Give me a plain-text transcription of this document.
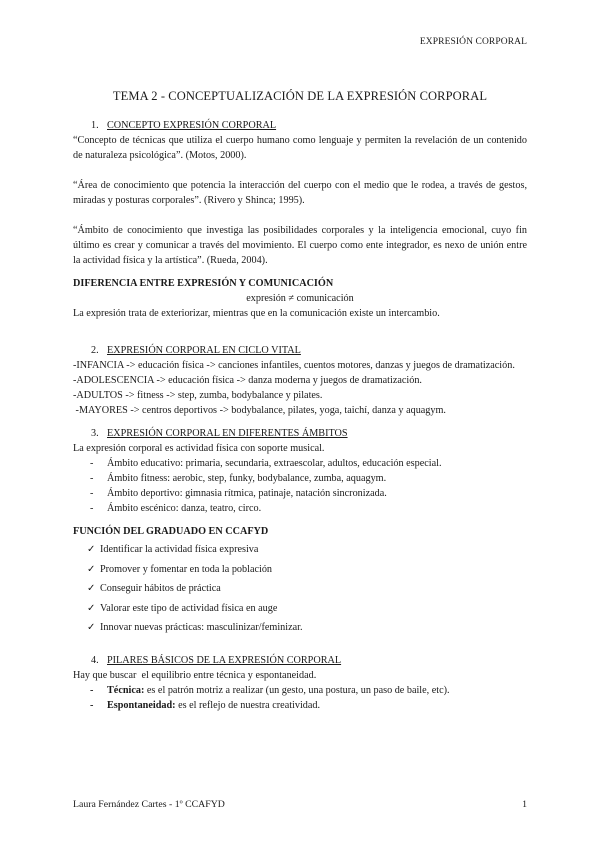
EXPRESIÓN CORPORAL
TEMA 2 - CONCEPTUALIZACIÓN DE LA EXPRESIÓN CORPORAL
1. CONCEPTO EXPRESIÓN CORPORAL

“Concepto de técnicas que utiliza el cuerpo humano como lenguaje y permiten la revelación de un contenido de naturaleza psicológica”. (Motos, 2000).

“Área de conocimiento que potencia la interacción del cuerpo con el medio que le rodea, a través de gestos, miradas y posturas corporales”. (Rivero y Shinca; 1995).

“Ámbito de conocimiento que investiga las posibilidades corporales y la inteligencia emocional, cuyo fin último es crear y comunicar a través del movimiento. El cuerpo como ente integrador, es nexo de unión entre la actividad física y la artística”. (Rueda, 2004).

DIFERENCIA ENTRE EXPRESIÓN Y COMUNICACIÓN

expresión ≠ comunicación

La expresión trata de exteriorizar, mientras que en la comunicación existe un intercambio.

2. EXPRESIÓN CORPORAL EN CICLO VITAL

-INFANCIA -> educación física -> canciones infantiles, cuentos motores, danzas y juegos de dramatización.

-ADOLESCENCIA -> educación física -> danza moderna y juegos de dramatización.

-ADULTOS -> fitness -> step, zumba, bodybalance y pilates.

-MAYORES -> centros deportivos -> bodybalance, pilates, yoga, taichí, danza y aquagym.

3. EXPRESIÓN CORPORAL EN DIFERENTES ÁMBITOS

La expresión corporal es actividad física con soporte musical.

- Ámbito educativo: primaria, secundaria, extraescolar, adultos, educación especial.
- Ámbito fitness: aerobic, step, funky, bodybalance, zumba, aquagym.
- Ámbito deportivo: gimnasia rítmica, patinaje, natación sincronizada.
- Ámbito escénico: danza, teatro, circo.

FUNCIÓN DEL GRADUADO EN CCAFYD

✓ Identificar la actividad física expresiva
✓ Promover y fomentar en toda la población
✓ Conseguir hábitos de práctica
✓ Valorar este tipo de actividad física en auge
✓ Innovar nuevas prácticas: masculinizar/feminizar.
4. PILARES BÁSICOS DE LA EXPRESIÓN CORPORAL

Hay que buscar  el equilibrio entre técnica y espontaneidad.

- Técnica: es el patrón motriz a realizar (un gesto, una postura, un paso de baile, etc).
- Espontaneidad: es el reflejo de nuestra creatividad.
Laura Fernández Cartes - 1º CCAFYD	1
